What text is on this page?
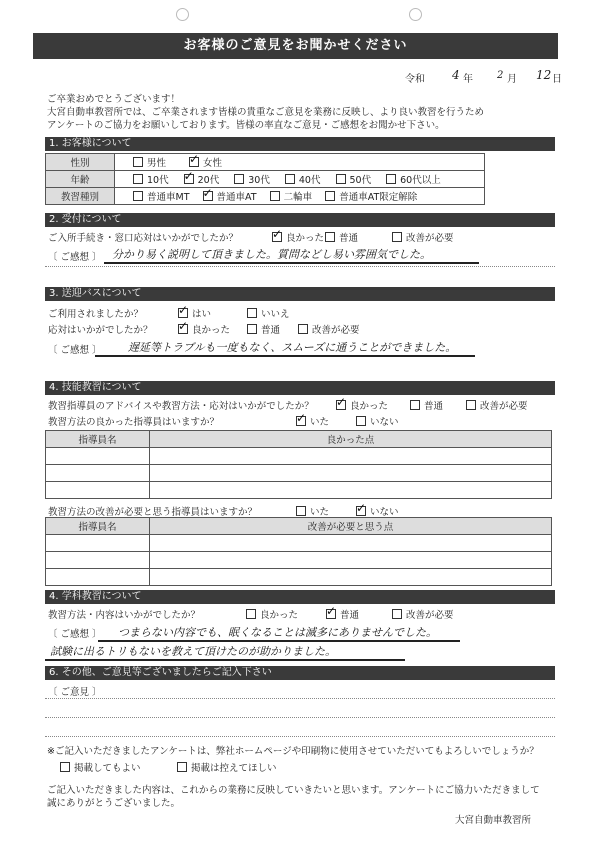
お客様のご意見をお聞かせください
令和 4 年 2 月 12 日
ご卒業おめでとうございます！
大宮自動車教習所では、ご卒業されます皆様の貴重なご意見を業務に反映し、より良い教習を行うため
アンケートのご協力をお願いしております。皆様の率直なご意見・ご感想をお聞かせ下さい。
1. お客様について
性別	男性 ✓ 女性
年齢	10代 ✓ 20代 30代 40代 50代 60代以上
教習種別	普通車MT ✓ 普通車AT 二輪車 普通車AT限定解除
2. 受付について
ご入所手続き・窓口応対はいかがでしたか？ ✓	良かった	普通	改善が必要
〔 ご感想 〕 分かり易く説明して頂きました。質問などし易い雰囲気でした。
3. 送迎バスについて
ご利用されましたか？ ✓	はい	いいえ
応対はいかがでしたか？ ✓	良かった	普通	改善が必要
〔 ご感想 〕 遅延等トラブルも一度もなく、スムーズに通うことができました。
4. 技能教習について
教習指導員のアドバイスや教習方法・応対はいかがでしたか？ ✓	良かった	普通	改善が必要
教習方法の良かった指導員はいますか？ ✓	いた	いない
指導員名	良かった点

教習方法の改善が必要と思う指導員はいますか？	いた ✓	いない
指導員名	改善が必要と思う点

4. 学科教習について
教習方法・内容はいかがでしたか？	良かった ✓	普通	改善が必要
〔 ご感想 〕 つまらない内容でも、眠くなることは滅多にありませんでした。
試験に出るトリもないを教えて頂けたのが助かりました。
6. その他、ご意見等ございましたらご記入下さい
〔 ご意見 〕
※ご記入いただきましたアンケートは、弊社ホームページや印刷物に使用させていただいてもよろしいでしょうか？
掲載してもよい	掲載は控えてほしい
ご記入いただきました内容は、これからの業務に反映していきたいと思います。アンケートにご協力いただきまして
誠にありがとうございました。
大宮自動車教習所
